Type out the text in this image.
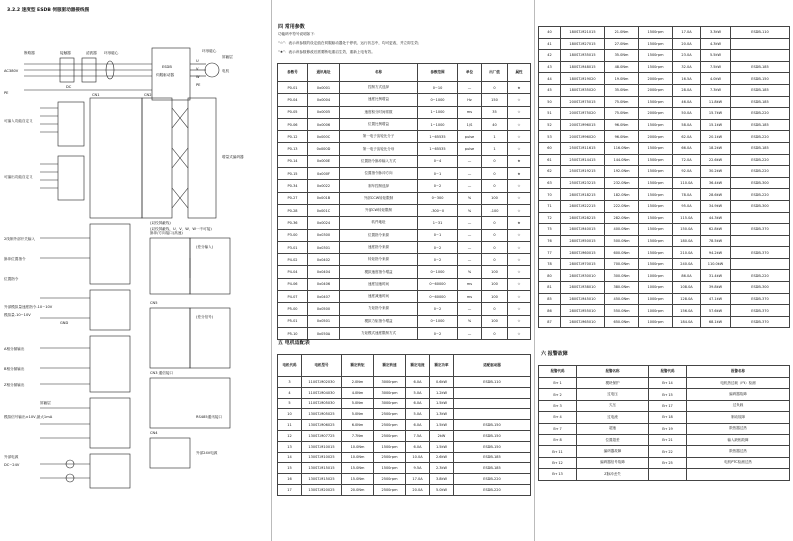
3.2.2 速度型 ESDB 伺服驱动器接线图
断路器	接触器	滤波器 环形磁心
AC380V
PE
ESDB
伺服驱动器
U
V
W
PE
电机
环形磁心
屏蔽层
DC
可编入功能自定义
可编出功能自定义
增量式编码器
(双绞屏蔽线)
(双绞屏蔽线，U、V、W、W一不可接)
2线制外部开关输入
脉冲位置指令
位置指令
外部模拟量速度指令-10~10V
模拟量-10~10V
GND
A相分频输出
B相分频输出
Z相分频输出
屏蔽层
模拟信号输出±10V,最大1mA
外部电源
DC~24V
RS485通讯接口
CN3 通信接口
CN4
CN5
CN1	CN2
外部24V电源
脉冲/方向接口(高速)
(差分输入)
(差分信号)
四 常用参数
功能码中符号说明如下：
“☆”：表示该参数的设定值在伺服驱动器处于停机、运行状态中，均可更改，并立即生效；
“★”：表示该参数修改后需要断电重启生效，重新上电有效。
参数号	通讯地址	名称	参数范围	单位	出厂值	属性
P0-01	0x0001	控制方式选择	0~10	—	0	★
P0-04	0x0004	速度比例增益	0~1000	Hz	150	☆
P0-05	0x0005	速度积分时间常数	1~1000	ms	35	☆
P0-06	0x0006	位置比例增益	1~1000	1/S	40	☆
P0-12	0x000C	第一电子齿轮比分子	1~65535	pulse	1	☆
P0-13	0x000D	第一电子齿轮比分母	1~65535	pulse	1	☆
P0-14	0x000E	位置指令脉冲输入方式	0~4	—	0	★
P0-15	0x000F	位置指令脉冲方向	0~1	—	0	★
P0-34	0x0022	刹车控制选择	0~2	—	0	☆
P0-27	0x001B	外部CCW转矩限制	0~300	%	100	☆
P0-28	0x001C	外部CW转矩限制	-300~0	%	-100	☆
P0-36	0x0024	软件地址	1~31	—	0	★
P3-00	0x0300	位置指令来源	0~1	—	0	☆
P3-01	0x0301	速度指令来源	0~2	—	0	☆
P4-02	0x0402	转矩指令来源	0~2	—	0	☆
P4-04	0x0404	模拟速度指令增益	0~1000	%	100	☆
P4-06	0x0406	速度加速时间	0~60000	ms	100	☆
P4-07	0x0407	速度减速时间	0~60000	ms	100	☆
P5-00	0x0500	力矩指令来源	0~2	—	0	☆
P5-01	0x0501	模拟力矩指令增益	0~1000	%	100	☆
P5-10	0x050A	力矩模式速度限制方式	0~2	—	0	☆
五 电机适配表
电机代码	电机型号	额定转矩	额定转速	额定电流	额定功率	适配驱动器
3	110ST-M02030	2.0Nm	3000rpm	6.0A	0.6kW	ESDB-110
4	110ST-M04030	4.0Nm	3000rpm	5.0A	1.2kW	
5	110ST-M05030	5.0Nm	3000rpm	6.0A	1.5kW	
10	130ST-M05025	5.0Nm	2500rpm	5.0A	1.3kW	
11	130ST-M06025	6.0Nm	2500rpm	6.0A	1.5kW	ESDB-150
12	130ST-M07725	7.7Nm	2500rpm	7.5A	2kW	ESDB-150
13	130ST-M10015	10.0Nm	1500rpm	6.0A	1.5kW	ESDB-150
14	130ST-M10025	10.0Nm	2500rpm	10.0A	2.6kW	ESDB-185
15	130ST-M15015	15.0Nm	1500rpm	9.5A	2.3kW	ESDB-185
16	130ST-M15025	15.0Nm	2500rpm	17.0A	3.8kW	ESDB-220
17	130ST-M20025	20.0Nm	2500rpm	20.0A	5.0kW	ESDB-220
40	180ST-M21015	21.0Nm	1500rpm	17.0A	3.3kW	ESDB-110
41	180ST-M27015	27.0Nm	1500rpm	20.0A	4.3kW	
42	180ST-M35015	35.0Nm	1500rpm	23.0A	5.5kW	
43	180ST-M48015	48.0Nm	1500rpm	32.0A	7.5kW	ESDB-185
44	180ST-M19020	19.0Nm	2000rpm	16.5A	4.0kW	ESDB-150
45	180ST-M35020	35.0Nm	2000rpm	28.0A	7.3kW	ESDB-185
50	200ST-M75015	75.0Nm	1500rpm	46.0A	11.8kW	ESDB-185
51	200ST-M75020	75.0Nm	2000rpm	50.0A	15.7kW	ESDB-220
52	200ST-M96015	96.0Nm	1500rpm	58.0A	15.1kW	ESDB-185
53	200ST-M96020	96.0Nm	2000rpm	62.0A	20.1kW	ESDB-220
60	250ST-M11615	116.0Nm	1500rpm	66.0A	18.2kW	ESDB-185
61	250ST-M14415	144.0Nm	1500rpm	72.0A	22.6kW	ESDB-220
62	250ST-M19215	192.0Nm	1500rpm	92.0A	30.2kW	ESDB-220
63	250ST-M23215	232.0Nm	1500rpm	110.0A	36.4kW	ESDB-300
70	280ST-M18215	182.0Nm	1500rpm	78.0A	28.6kW	ESDB-220
71	280ST-M22215	222.0Nm	1500rpm	95.0A	34.9kW	ESDB-300
72	280ST-M28215	282.0Nm	1500rpm	115.0A	44.3kW	
75	280ST-M40015	400.0Nm	1500rpm	150.0A	62.8kW	ESDB-370
76	280ST-M50015	500.0Nm	1500rpm	180.0A	78.5kW	
77	280ST-M60015	600.0Nm	1500rpm	210.0A	94.2kW	ESDB-370
78	280ST-M70015	700.0Nm	1500rpm	240.0A	110.0kW	
80	280ST-M30010	300.0Nm	1000rpm	86.0A	31.4kW	ESDB-220
81	280ST-M38010	380.0Nm	1000rpm	108.0A	39.8kW	ESDB-300
85	280ST-M45010	450.0Nm	1000rpm	128.0A	47.1kW	ESDB-370
86	280ST-M55010	550.0Nm	1000rpm	156.0A	57.6kW	ESDB-370
87	280ST-M65010	650.0Nm	1000rpm	184.0A	68.1kW	ESDB-370
六 报警故障
报警代码	报警名称	报警代码	报警名称
Err 1	模块保护	Err 14	电机热过载（I²t）检测
Err 2	过电压	Err 15	编码器故障
Err 3	欠压	Err 17	过负载
Err 4	过电流	Err 18	制动故障
Err 7	超速	Err 19	散热器过热
Err 8	位置超差	Err 21	输入缺相故障
Err 11	编码器故障	Err 22	散热器过热
Err 12	编码器信号故障	Err 25	电机PTC检测过热
Err 13	Z脉冲丢失		
